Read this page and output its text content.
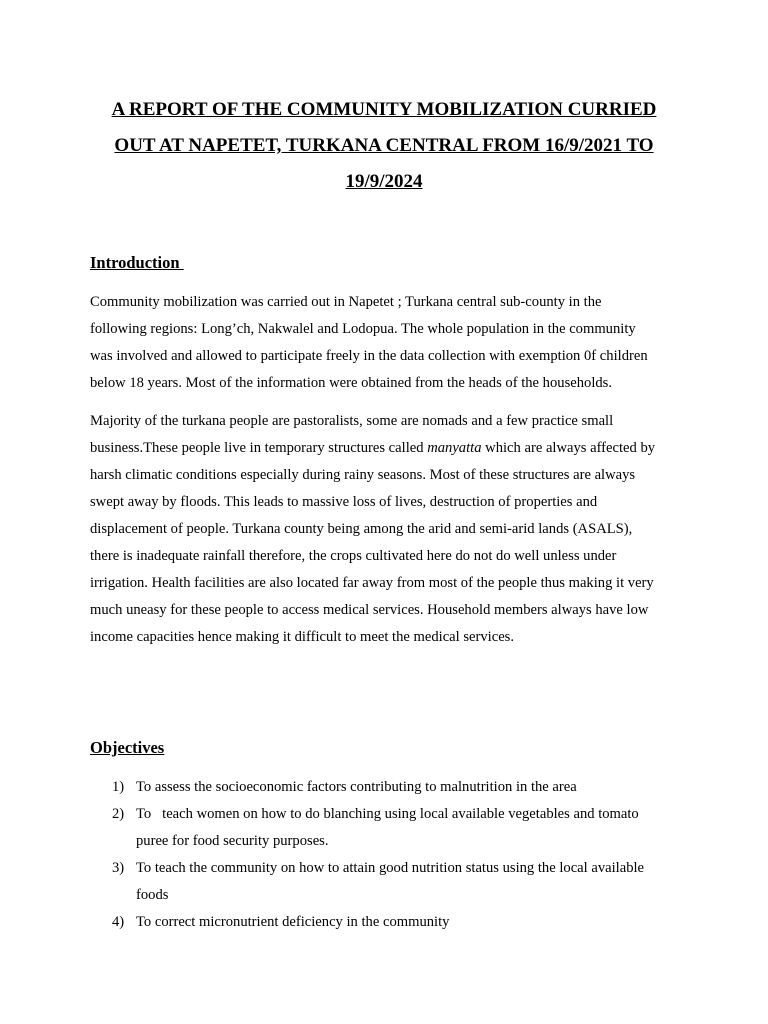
A REPORT OF THE COMMUNITY MOBILIZATION CURRIED
OUT AT NAPETET, TURKANA CENTRAL FROM 16/9/2021 TO
19/9/2024
Introduction

Community mobilization was carried out in Napetet ; Turkana central sub-county in the
following regions: Long’ch, Nakwalel and Lodopua. The whole population in the community
was involved and allowed to participate freely in the data collection with exemption 0f children
below 18 years. Most of the information were obtained from the heads of the households.

Majority of the turkana people are pastoralists, some are nomads and a few practice small
business.These people live in temporary structures called manyatta which are always affected by
harsh climatic conditions especially during rainy seasons. Most of these structures are always
swept away by floods. This leads to massive loss of lives, destruction of properties and
displacement of people. Turkana county being among the arid and semi-arid lands (ASALS),
there is inadequate rainfall therefore, the crops cultivated here do not do well unless under
irrigation. Health facilities are also located far away from most of the people thus making it very
much uneasy for these people to access medical services. Household members always have low
income capacities hence making it difficult to meet the medical services.

Objectives
1) To assess the socioeconomic factors contributing to malnutrition in the area
2) To   teach women on how to do blanching using local available vegetables and tomato
puree for food security purposes.
3) To teach the community on how to attain good nutrition status using the local available
foods
4) To correct micronutrient deficiency in the community
